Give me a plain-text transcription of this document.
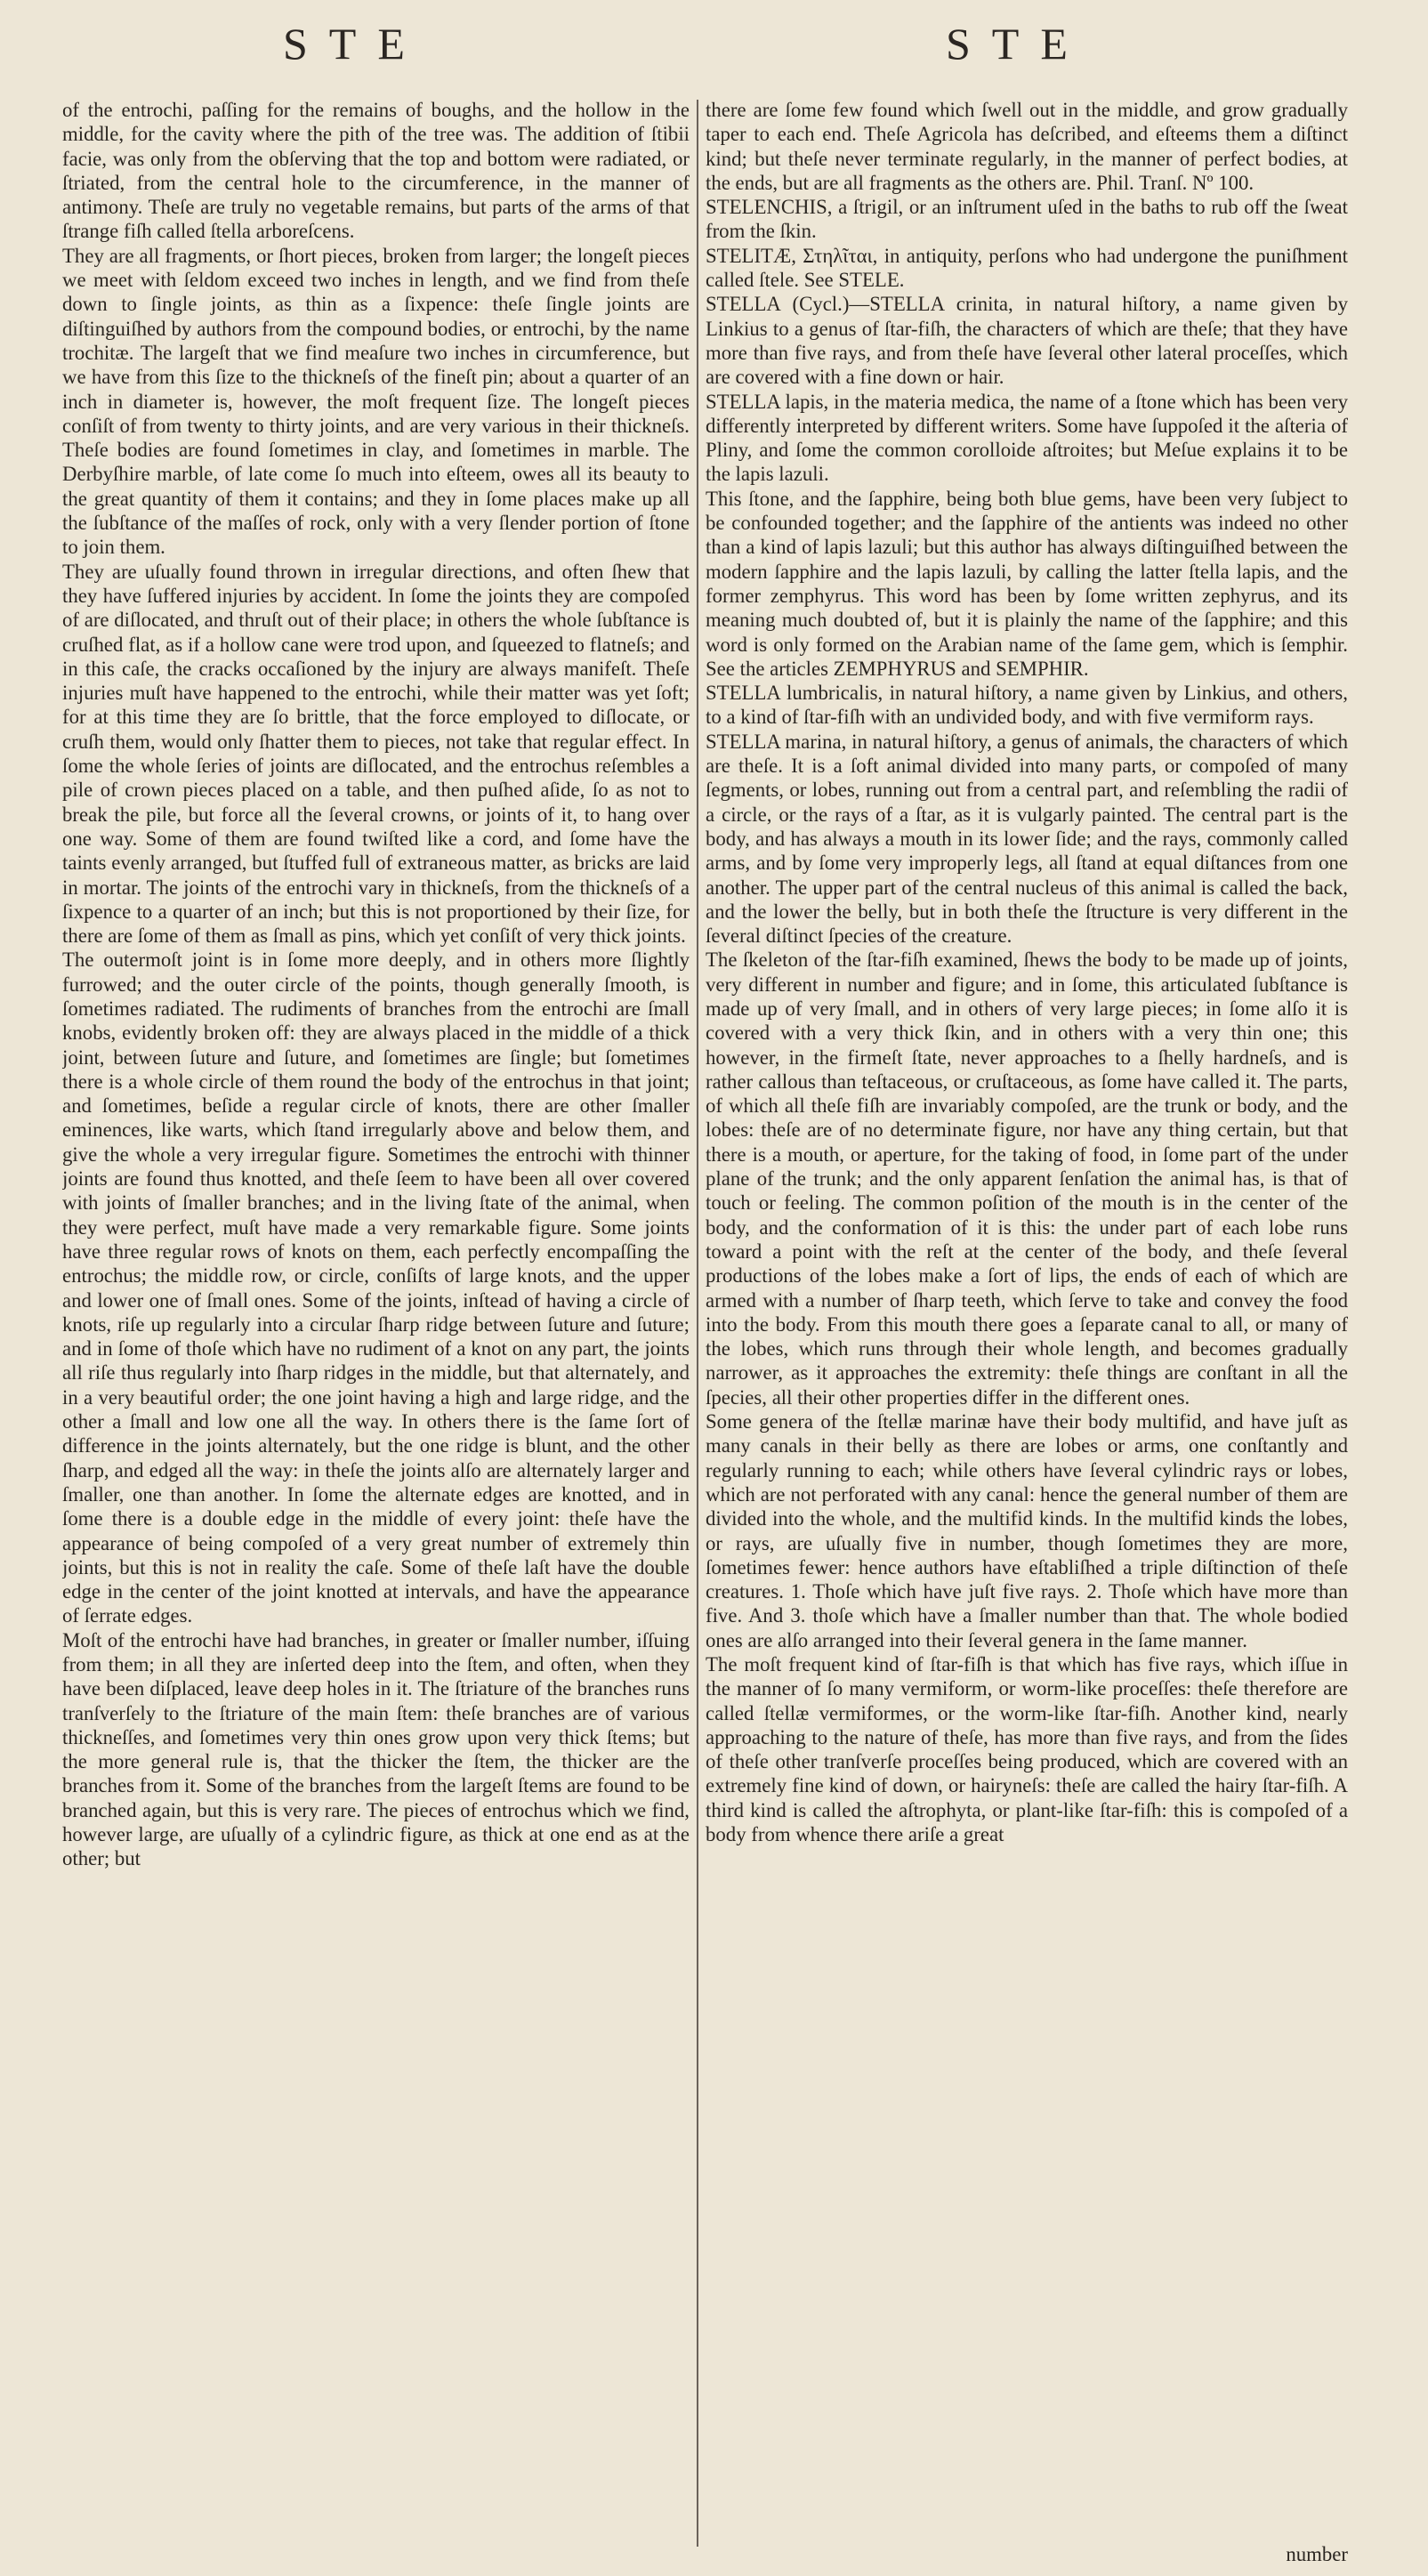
STE	STE

of the entrochi, paſſing for the remains of boughs, and the hollow in the middle, for the cavity where the pith of the tree was. The addition of ſtibii facie, was only from the obſerving that the top and bottom were radiated, or ſtriated, from the central hole to the circumference, in the manner of antimony. Theſe are truly no vegetable remains, but parts of the arms of that ſtrange fiſh called ſtella arboreſcens.

They are all fragments, or ſhort pieces, broken from larger; the longeſt pieces we meet with ſeldom exceed two inches in length, and we find from theſe down to ſingle joints, as thin as a ſixpence: theſe ſingle joints are diſtinguiſhed by authors from the compound bodies, or entrochi, by the name trochitæ. The largeſt that we find meaſure two inches in circumference, but we have from this ſize to the thickneſs of the fineſt pin; about a quarter of an inch in diameter is, however, the moſt frequent ſize. The longeſt pieces conſiſt of from twenty to thirty joints, and are very various in their thickneſs. Theſe bodies are found ſometimes in clay, and ſometimes in marble. The Derbyſhire marble, of late come ſo much into eſteem, owes all its beauty to the great quantity of them it contains; and they in ſome places make up all the ſubſtance of the maſſes of rock, only with a very ſlender portion of ſtone to join them.

They are uſually found thrown in irregular directions, and often ſhew that they have ſuffered injuries by accident. In ſome the joints they are compoſed of are diſlocated, and thruſt out of their place; in others the whole ſubſtance is cruſhed flat, as if a hollow cane were trod upon, and ſqueezed to flatneſs; and in this caſe, the cracks occaſioned by the injury are always manifeſt. Theſe injuries muſt have happened to the entrochi, while their matter was yet ſoft; for at this time they are ſo brittle, that the force employed to diſlocate, or cruſh them, would only ſhatter them to pieces, not take that regular effect. In ſome the whole ſeries of joints are diſlocated, and the entrochus reſembles a pile of crown pieces placed on a table, and then puſhed aſide, ſo as not to break the pile, but force all the ſeveral crowns, or joints of it, to hang over one way. Some of them are found twiſted like a cord, and ſome have the taints evenly arranged, but ſtuffed full of extraneous matter, as bricks are laid in mortar. The joints of the entrochi vary in thickneſs, from the thickneſs of a ſixpence to a quarter of an inch; but this is not proportioned by their ſize, for there are ſome of them as ſmall as pins, which yet conſiſt of very thick joints.

The outermoſt joint is in ſome more deeply, and in others more ſlightly furrowed; and the outer circle of the points, though generally ſmooth, is ſometimes radiated. The rudiments of branches from the entrochi are ſmall knobs, evidently broken off: they are always placed in the middle of a thick joint, between ſuture and ſuture, and ſometimes are ſingle; but ſometimes there is a whole circle of them round the body of the entrochus in that joint; and ſometimes, beſide a regular circle of knots, there are other ſmaller eminences, like warts, which ſtand irregularly above and below them, and give the whole a very irregular figure. Sometimes the entrochi with thinner joints are found thus knotted, and theſe ſeem to have been all over covered with joints of ſmaller branches; and in the living ſtate of the animal, when they were perfect, muſt have made a very remarkable figure. Some joints have three regular rows of knots on them, each perfectly encompaſſing the entrochus; the middle row, or circle, conſiſts of large knots, and the upper and lower one of ſmall ones. Some of the joints, inſtead of having a circle of knots, riſe up regularly into a circular ſharp ridge between ſuture and ſuture; and in ſome of thoſe which have no rudiment of a knot on any part, the joints all riſe thus regularly into ſharp ridges in the middle, but that alternately, and in a very beautiful order; the one joint having a high and large ridge, and the other a ſmall and low one all the way. In others there is the ſame ſort of difference in the joints alternately, but the one ridge is blunt, and the other ſharp, and edged all the way: in theſe the joints alſo are alternately larger and ſmaller, one than another. In ſome the alternate edges are knotted, and in ſome there is a double edge in the middle of every joint: theſe have the appearance of being compoſed of a very great number of extremely thin joints, but this is not in reality the caſe. Some of theſe laſt have the double edge in the center of the joint knotted at intervals, and have the appearance of ſerrate edges.

Moſt of the entrochi have had branches, in greater or ſmaller number, iſſuing from them; in all they are inſerted deep into the ſtem, and often, when they have been diſplaced, leave deep holes in it. The ſtriature of the branches runs tranſverſely to the ſtriature of the main ſtem: theſe branches are of various thickneſſes, and ſometimes very thin ones grow upon very thick ſtems; but the more general rule is, that the thicker the ſtem, the thicker are the branches from it. Some of the branches from the largeſt ſtems are found to be branched again, but this is very rare. The pieces of entrochus which we find, however large, are uſually of a cylindric figure, as thick at one end as at the other; but

there are ſome few found which ſwell out in the middle, and grow gradually taper to each end. Theſe Agricola has deſcribed, and eſteems them a diſtinct kind; but theſe never terminate regularly, in the manner of perfect bodies, at the ends, but are all fragments as the others are. Phil. Tranſ. Nº 100.

STELENCHIS, a ſtrigil, or an inſtrument uſed in the baths to rub off the ſweat from the ſkin.

STELITÆ, Στηλῖται, in antiquity, perſons who had undergone the puniſhment called ſtele. See STELE.

STELLA (Cycl.)—STELLA crinita, in natural hiſtory, a name given by Linkius to a genus of ſtar-fiſh, the characters of which are theſe; that they have more than five rays, and from theſe have ſeveral other lateral proceſſes, which are covered with a fine down or hair.

STELLA lapis, in the materia medica, the name of a ſtone which has been very differently interpreted by different writers. Some have ſuppoſed it the aſteria of Pliny, and ſome the common corolloide aſtroites; but Meſue explains it to be the lapis lazuli.

This ſtone, and the ſapphire, being both blue gems, have been very ſubject to be confounded together; and the ſapphire of the antients was indeed no other than a kind of lapis lazuli; but this author has always diſtinguiſhed between the modern ſapphire and the lapis lazuli, by calling the latter ſtella lapis, and the former zemphyrus. This word has been by ſome written zephyrus, and its meaning much doubted of, but it is plainly the name of the ſapphire; and this word is only formed on the Arabian name of the ſame gem, which is ſemphir. See the articles ZEMPHYRUS and SEMPHIR.

STELLA lumbricalis, in natural hiſtory, a name given by Linkius, and others, to a kind of ſtar-fiſh with an undivided body, and with five vermiform rays.

STELLA marina, in natural hiſtory, a genus of animals, the characters of which are theſe. It is a ſoft animal divided into many parts, or compoſed of many ſegments, or lobes, running out from a central part, and reſembling the radii of a circle, or the rays of a ſtar, as it is vulgarly painted. The central part is the body, and has always a mouth in its lower ſide; and the rays, commonly called arms, and by ſome very improperly legs, all ſtand at equal diſtances from one another. The upper part of the central nucleus of this animal is called the back, and the lower the belly, but in both theſe the ſtructure is very different in the ſeveral diſtinct ſpecies of the creature.

The ſkeleton of the ſtar-fiſh examined, ſhews the body to be made up of joints, very different in number and figure; and in ſome, this articulated ſubſtance is made up of very ſmall, and in others of very large pieces; in ſome alſo it is covered with a very thick ſkin, and in others with a very thin one; this however, in the firmeſt ſtate, never approaches to a ſhelly hardneſs, and is rather callous than teſtaceous, or cruſtaceous, as ſome have called it. The parts, of which all theſe fiſh are invariably compoſed, are the trunk or body, and the lobes: theſe are of no determinate figure, nor have any thing certain, but that there is a mouth, or aperture, for the taking of food, in ſome part of the under plane of the trunk; and the only apparent ſenſation the animal has, is that of touch or feeling. The common poſition of the mouth is in the center of the body, and the conformation of it is this: the under part of each lobe runs toward a point with the reſt at the center of the body, and theſe ſeveral productions of the lobes make a ſort of lips, the ends of each of which are armed with a number of ſharp teeth, which ſerve to take and convey the food into the body. From this mouth there goes a ſeparate canal to all, or many of the lobes, which runs through their whole length, and becomes gradually narrower, as it approaches the extremity: theſe things are conſtant in all the ſpecies, all their other properties differ in the different ones.

Some genera of the ſtellæ marinæ have their body multifid, and have juſt as many canals in their belly as there are lobes or arms, one conſtantly and regularly running to each; while others have ſeveral cylindric rays or lobes, which are not perforated with any canal: hence the general number of them are divided into the whole, and the multifid kinds. In the multifid kinds the lobes, or rays, are uſually five in number, though ſometimes they are more, ſometimes fewer: hence authors have eſtabliſhed a triple diſtinction of theſe creatures. 1. Thoſe which have juſt five rays. 2. Thoſe which have more than five. And 3. thoſe which have a ſmaller number than that. The whole bodied ones are alſo arranged into their ſeveral genera in the ſame manner.

The moſt frequent kind of ſtar-fiſh is that which has five rays, which iſſue in the manner of ſo many vermiform, or worm-like proceſſes: theſe therefore are called ſtellæ vermiformes, or the worm-like ſtar-fiſh. Another kind, nearly approaching to the nature of theſe, has more than five rays, and from the ſides of theſe other tranſverſe proceſſes being produced, which are covered with an extremely fine kind of down, or hairyneſs: theſe are called the hairy ſtar-fiſh. A third kind is called the aſtrophyta, or plant-like ſtar-fiſh: this is compoſed of a body from whence there ariſe a great

number
